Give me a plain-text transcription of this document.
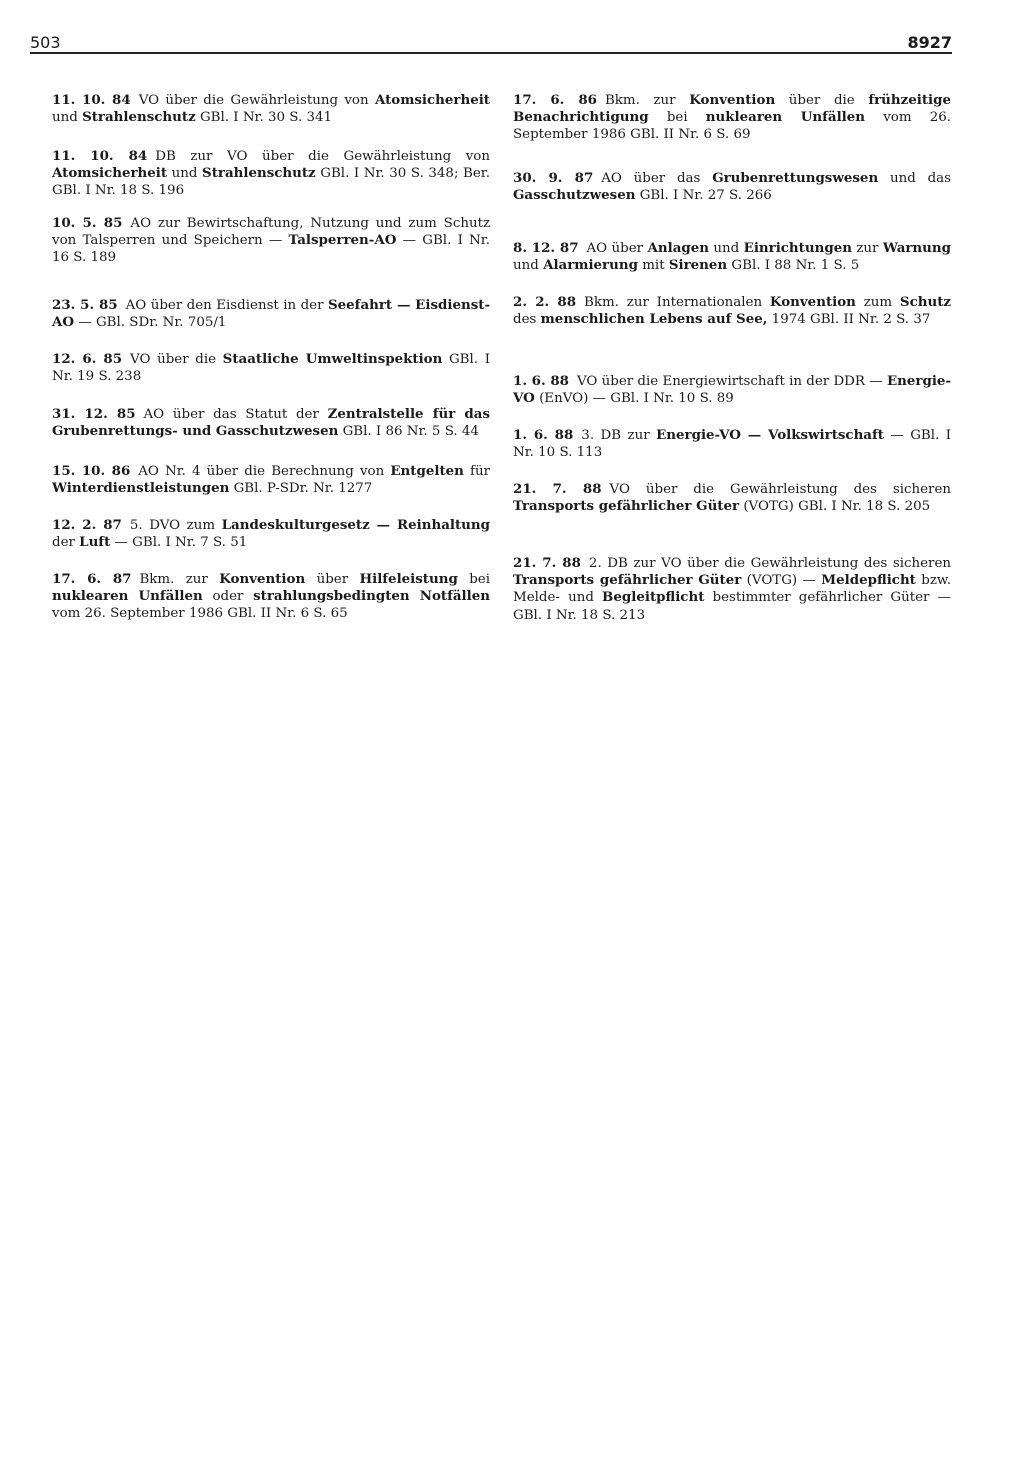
503	8927

11. 10. 84 VO über die Gewährleistung von Atomsicherheit und Strahlenschutz GBl. I Nr. 30 S. 341

11. 10. 84 DB zur VO über die Gewährleistung von Atomsicherheit und Strahlenschutz GBl. I Nr. 30 S. 348; Ber. GBl. I Nr. 18 S. 196

10. 5. 85 AO zur Bewirtschaftung, Nutzung und zum Schutz von Talsperren und Speichern — Talsperren-AO — GBl. I Nr. 16 S. 189

23. 5. 85 AO über den Eisdienst in der Seefahrt — Eisdienst-AO — GBl. SDr. Nr. 705/1

12. 6. 85 VO über die Staatliche Umweltinspektion GBl. I Nr. 19 S. 238

31. 12. 85 AO über das Statut der Zentralstelle für das Grubenrettungs- und Gasschutzwesen GBl. I 86 Nr. 5 S. 44

15. 10. 86 AO Nr. 4 über die Berechnung von Entgelten für Winterdienstleistungen GBl. P-SDr. Nr. 1277

12. 2. 87 5. DVO zum Landeskulturgesetz — Reinhaltung der Luft — GBl. I Nr. 7 S. 51

17. 6. 87 Bkm. zur Konvention über Hilfeleistung bei nuklearen Unfällen oder strahlungsbedingten Notfällen vom 26. September 1986 GBl. II Nr. 6 S. 65

17. 6. 86 Bkm. zur Konvention über die frühzeitige Benachrichtigung bei nuklearen Unfällen vom 26. September 1986 GBl. II Nr. 6 S. 69

30. 9. 87 AO über das Grubenrettungswesen und das Gasschutzwesen GBl. I Nr. 27 S. 266

8. 12. 87 AO über Anlagen und Einrichtungen zur Warnung und Alarmierung mit Sirenen GBl. I 88 Nr. 1 S. 5

2. 2. 88 Bkm. zur Internationalen Konvention zum Schutz des menschlichen Lebens auf See, 1974 GBl. II Nr. 2 S. 37

1. 6. 88 VO über die Energiewirtschaft in der DDR — Energie-VO (EnVO) — GBl. I Nr. 10 S. 89

1. 6. 88 3. DB zur Energie-VO — Volkswirtschaft — GBl. I Nr. 10 S. 113

21. 7. 88 VO über die Gewährleistung des sicheren Transports gefährlicher Güter (VOTG) GBl. I Nr. 18 S. 205

21. 7. 88 2. DB zur VO über die Gewährleistung des sicheren Transports gefährlicher Güter (VOTG) — Meldepflicht bzw. Melde- und Begleitpflicht bestimmter gefährlicher Güter — GBl. I Nr. 18 S. 213
